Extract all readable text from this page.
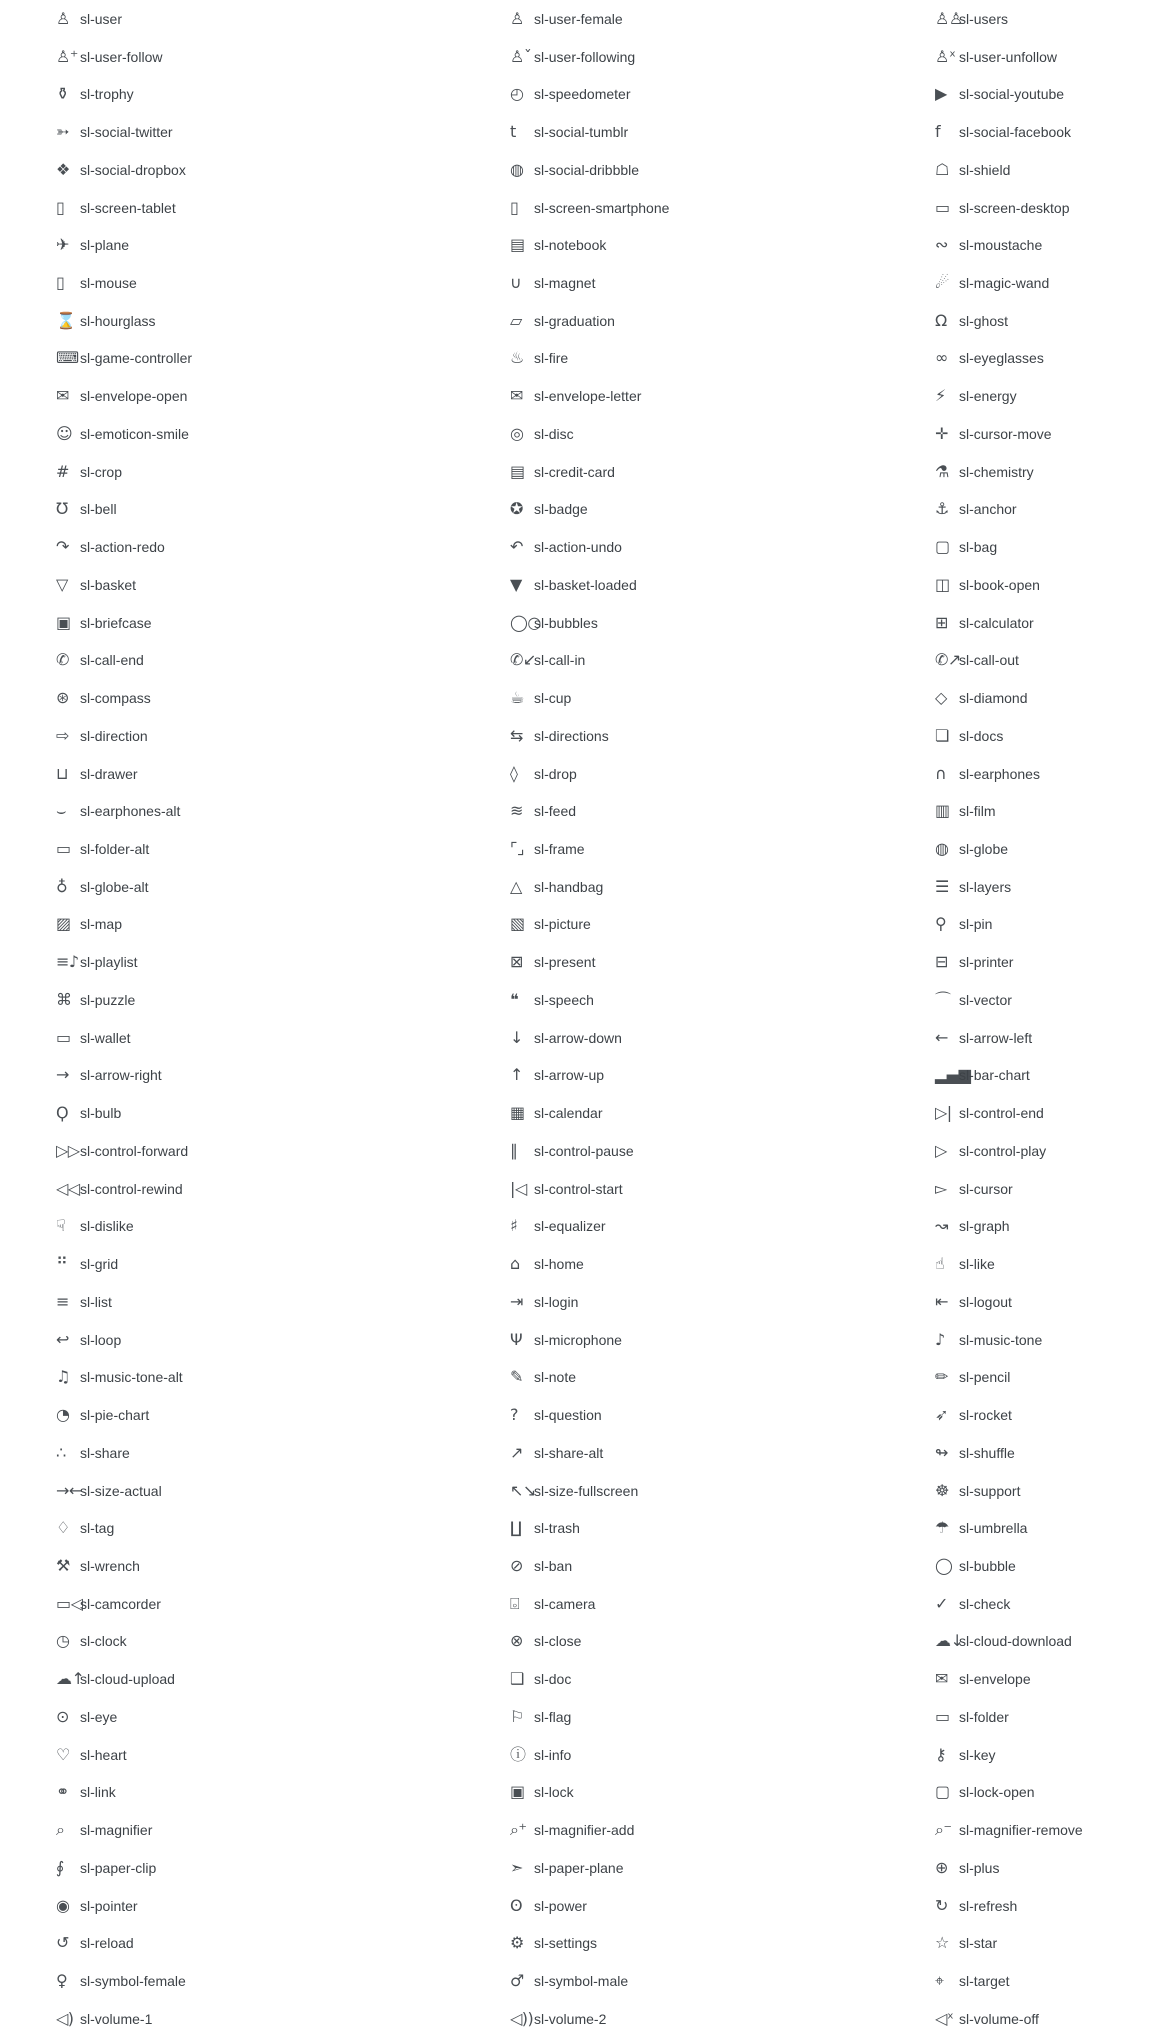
♙ sl-user	♙ sl-user-female	♙♙
sl-users
♙⁺ sl-user-follow	♙ˇ sl-user-following	♙ˣ sl-user-unfollow
⚱ sl-trophy	◴ sl-speedometer	▶ sl-social-youtube
➳ sl-social-twitter	t	sl-social-tumblr	f	sl-social-facebook
❖ sl-social-dropbox	◍ sl-social-dribbble	☖ sl-shield
▯	sl-screen-tablet	▯	sl-screen-smartphone	▭ sl-screen-desktop
✈ sl-plane	▤ sl-notebook	∾ sl-moustache
▯	sl-mouse	∪ sl-magnet	☄ sl-magic-wand
⌛ sl-hourglass	▱ sl-graduation	Ω sl-ghost
⌨ sl-game-controller	♨ sl-fire	∞ sl-eyeglasses
✉ sl-envelope-open	✉ sl-envelope-letter	⚡ sl-energy
☺ sl-emoticon-smile	◎ sl-disc	✛ sl-cursor-move
# sl-crop	▤ sl-credit-card	⚗ sl-chemistry
Ʊ sl-bell	✪ sl-badge	⚓ sl-anchor
↷ sl-action-redo	↶ sl-action-undo	▢ sl-bag
▽ sl-basket	▼ sl-basket-loaded	◫ sl-book-open
▣ sl-briefcase	◯○
sl-bubbles	⊞ sl-calculator
✆ sl-call-end	✆↙
sl-call-in	✆↗
sl-call-out
⊛ sl-compass	☕ sl-cup	◇ sl-diamond
⇨ sl-direction	⇆ sl-directions	❏ sl-docs
⊔ sl-drawer	◊	sl-drop	∩ sl-earphones
⌣ sl-earphones-alt	≋ sl-feed	▥ sl-film
▭ sl-folder-alt	⌜⌟ sl-frame	◍ sl-globe
♁ sl-globe-alt	△ sl-handbag	☰ sl-layers
▨ sl-map	▧ sl-picture	⚲ sl-pin
≡♪ sl-playlist	⊠ sl-present	⊟ sl-printer
⌘ sl-puzzle	❝	sl-speech	⌒ sl-vector
▭ sl-wallet	↓ sl-arrow-down	← sl-arrow-left
→ sl-arrow-right	↑ sl-arrow-up	▂▄▆
sl-bar-chart
Ϙ sl-bulb	▦ sl-calendar	▷| sl-control-end
▷▷ sl-control-forward	∥	sl-control-pause	▷ sl-control-play
◁◁ sl-control-rewind	|◁ sl-control-start	▻ sl-cursor
☟	sl-dislike	♯	sl-equalizer	↝ sl-graph
⠛ sl-grid	⌂	sl-home	☝	sl-like
≡ sl-list	⇥ sl-login	⇤ sl-logout
↩ sl-loop	Ψ sl-microphone	♪	sl-music-tone
♫ sl-music-tone-alt	✎ sl-note	✏ sl-pencil
◔ sl-pie-chart	?	sl-question	➶ sl-rocket
∴	sl-share	↗ sl-share-alt	↬ sl-shuffle
→←
sl-size-actual	↖↘
sl-size-fullscreen	☸ sl-support
♢ sl-tag	∐ sl-trash	☂ sl-umbrella
⚒ sl-wrench	⊘ sl-ban	◯ sl-bubble
▭◁
sl-camcorder	⌻	sl-camera	✓ sl-check
◷ sl-clock	⊗ sl-close	☁↓
sl-cloud-download
☁↑
sl-cloud-upload	❑ sl-doc	✉ sl-envelope
⊙ sl-eye	⚐ sl-flag	▭ sl-folder
♡ sl-heart	ⓘ sl-info	⚷ sl-key
⚭ sl-link	▣ sl-lock	▢ sl-lock-open
⌕	sl-magnifier	⌕⁺ sl-magnifier-add	⌕⁻ sl-magnifier-remove
∮	sl-paper-clip	➣ sl-paper-plane	⊕ sl-plus
◉ sl-pointer	ʘ sl-power	↻ sl-refresh
↺ sl-reload	⚙ sl-settings	☆ sl-star
♀ sl-symbol-female	♂ sl-symbol-male	⌖	sl-target
◁) sl-volume-1	◁)) sl-volume-2	◁ˣ sl-volume-off
